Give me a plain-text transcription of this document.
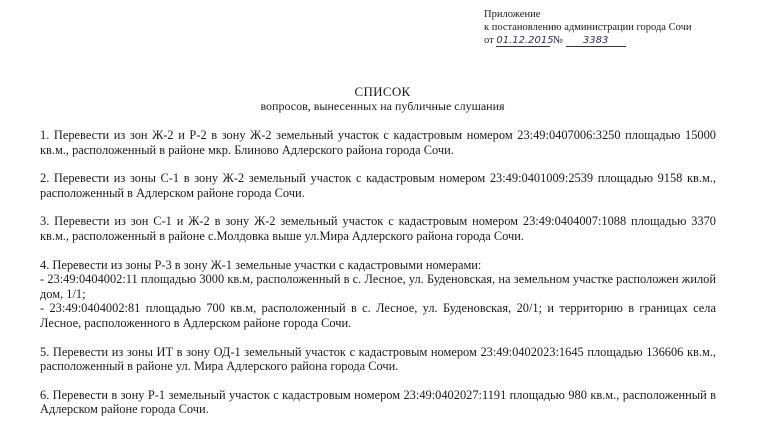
Приложение
к постановлению администрации города Сочи
от 01.12.2015 № 3383
СПИСОК
вопросов, вынесенных на публичные слушания

1. Перевести из зон Ж-2 и Р-2 в зону Ж-2 земельный участок с кадастровым номером 23:49:0407006:3250 площадью 15000 кв.м., расположенный в районе мкр. Блиново Адлерского района города Сочи.

2. Перевести из зоны С-1 в зону Ж-2 земельный участок с кадастровым номером 23:49:0401009:2539 площадью 9158 кв.м., расположенный в Адлерском районе города Сочи.

3. Перевести из зон С-1 и Ж-2 в зону Ж-2 земельный участок с кадастровым номером 23:49:0404007:1088 площадью 3370 кв.м., расположенный в районе с.Молдовка выше ул.Мира Адлерского района города Сочи.

4. Перевести из зоны Р-3 в зону Ж-1 земельные участки с кадастровыми номерами:

- 23:49:0404002:11 площадью 3000 кв.м, расположенный в с. Лесное, ул. Буденовская, на земельном участке расположен жилой дом, 1/1;

- 23:49:0404002:81 площадью 700 кв.м, расположенный в с. Лесное, ул. Буденовская, 20/1; и территорию в границах села Лесное, расположенного в Адлерском районе города Сочи.

5. Перевести из зоны ИТ в зону ОД-1 земельный участок с кадастровым номером 23:49:0402023:1645 площадью 136606 кв.м., расположенный в районе ул. Мира Адлерского района города Сочи.

6. Перевести в зону Р-1 земельный участок с кадастровым номером 23:49:0402027:1191 площадью 980 кв.м., расположенный в Адлерском районе города Сочи.
